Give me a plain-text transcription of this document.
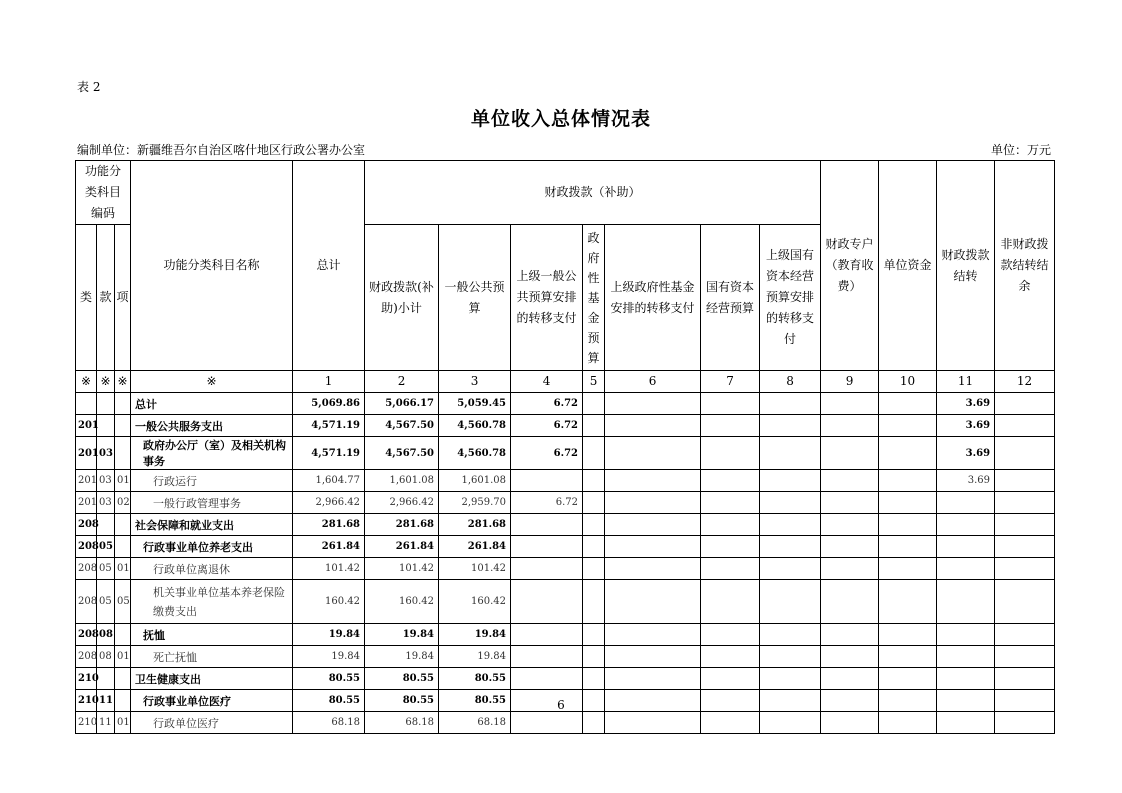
表 2
单位收入总体情况表
编制单位：新疆维吾尔自治区喀什地区行政公署办公室	单位：万元
功能分类科目编码			功能分类科目名称	总计	财政拨款（补助）							财政专户（教育收费）	单位资金	财政拨款结转	非财政拨款结转结余
类	款	项			财政拨款(补助)小计	一般公共预算	上级一般公共预算安排的转移支付	政府性基金预算	上级政府性基金安排的转移支付	国有资本经营预算	上级国有资本经营预算安排的转移支付				
※	※	※	※	1	2	3	4	5	6	7	8	9	10	11	12
			总计	5,069.86	5,066.17	5,059.45	6.72							3.69	
201			一般公共服务支出	4,571.19	4,567.50	4,560.78	6.72							3.69	
201	03		政府办公厅（室）及相关机构事务	4,571.19	4,567.50	4,560.78	6.72							3.69	
201	03	01	行政运行	1,604.77	1,601.08	1,601.08								3.69	
201	03	02	一般行政管理事务	2,966.42	2,966.42	2,959.70	6.72								
208			社会保障和就业支出	281.68	281.68	281.68									
208	05		行政事业单位养老支出	261.84	261.84	261.84									
208	05	01	行政单位离退休	101.42	101.42	101.42									
208	05	05	机关事业单位基本养老保险缴费支出	160.42	160.42	160.42									
208	08		抚恤	19.84	19.84	19.84									
208	08	01	死亡抚恤	19.84	19.84	19.84									
210			卫生健康支出	80.55	80.55	80.55									
210	11		行政事业单位医疗	80.55	80.55	80.55									
210	11	01	行政单位医疗	68.18	68.18	68.18									
6
